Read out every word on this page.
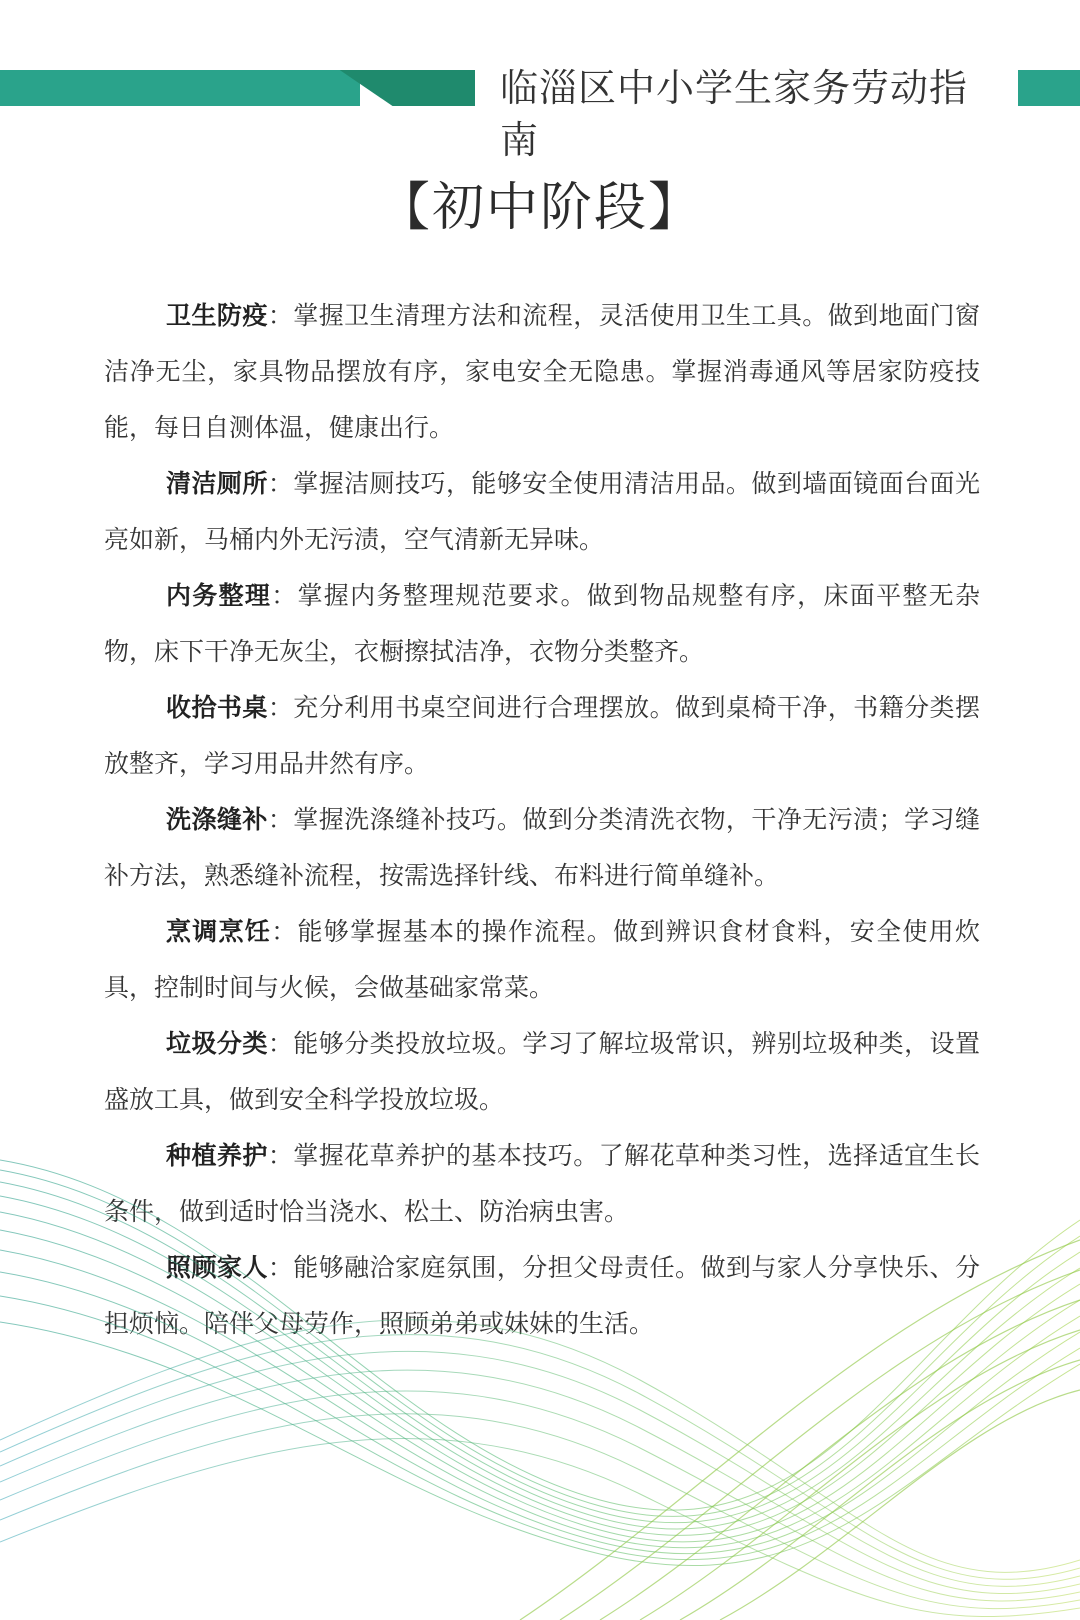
临淄区中小学生家务劳动指南
【初中阶段】

卫生防疫：掌握卫生清理方法和流程，灵活使用卫生工具。做到地面门窗洁净无尘，家具物品摆放有序，家电安全无隐患。掌握消毒通风等居家防疫技能，每日自测体温，健康出行。

清洁厕所：掌握洁厕技巧，能够安全使用清洁用品。做到墙面镜面台面光亮如新，马桶内外无污渍，空气清新无异味。

内务整理：掌握内务整理规范要求。做到物品规整有序，床面平整无杂物，床下干净无灰尘，衣橱擦拭洁净，衣物分类整齐。

收拾书桌：充分利用书桌空间进行合理摆放。做到桌椅干净，书籍分类摆放整齐，学习用品井然有序。

洗涤缝补：掌握洗涤缝补技巧。做到分类清洗衣物，干净无污渍；学习缝补方法，熟悉缝补流程，按需选择针线、布料进行简单缝补。

烹调烹饪：能够掌握基本的操作流程。做到辨识食材食料，安全使用炊具，控制时间与火候，会做基础家常菜。

垃圾分类：能够分类投放垃圾。学习了解垃圾常识，辨别垃圾种类，设置盛放工具，做到安全科学投放垃圾。

种植养护：掌握花草养护的基本技巧。了解花草种类习性，选择适宜生长条件，做到适时恰当浇水、松土、防治病虫害。

照顾家人：能够融洽家庭氛围，分担父母责任。做到与家人分享快乐、分担烦恼。陪伴父母劳作，照顾弟弟或妹妹的生活。
